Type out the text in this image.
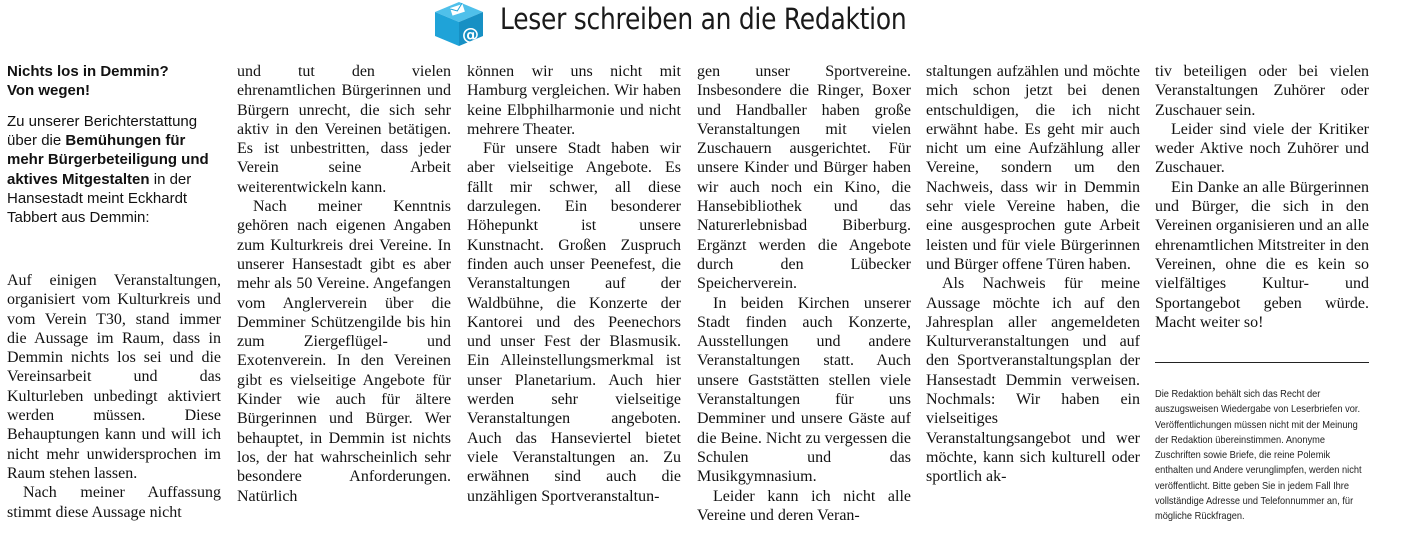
@ Leser schreiben an die Redaktion

Nichts los in Demmin?

Von wegen!

Zu unserer Berichterstattung über die Bemühungen für mehr Bürgerbeteiligung und aktives Mitgestalten in der Hansestadt meint Eckhardt Tabbert aus Demmin:

Auf einigen Veranstaltungen, organisiert vom Kulturkreis und vom Verein T30, stand immer die Aussage im Raum, dass in Demmin nichts los sei und die Vereinsarbeit und das Kulturleben unbedingt aktiviert werden müssen. Diese Behauptungen kann und will ich nicht mehr unwidersprochen im Raum stehen lassen.

Nach meiner Auffassung stimmt diese Aussage nicht

und tut den vielen ehrenamtlichen Bürgerinnen und Bürgern unrecht, die sich sehr aktiv in den Vereinen betätigen. Es ist unbestritten, dass jeder Verein seine Arbeit weiterentwickeln kann.

Nach meiner Kenntnis gehören nach eigenen Angaben zum Kulturkreis drei Vereine. In unserer Hansestadt gibt es aber mehr als 50 Vereine. Angefangen vom Anglerverein über die Demminer Schützengilde bis hin zum Ziergeflügel- und Exotenverein. In den Vereinen gibt es vielseitige Angebote für Kinder wie auch für ältere Bürgerinnen und Bürger. Wer behauptet, in Demmin ist nichts los, der hat wahrscheinlich sehr besondere Anforderungen. Natürlich

können wir uns nicht mit Hamburg vergleichen. Wir haben keine Elbphilharmonie und nicht mehrere Theater.

Für unsere Stadt haben wir aber vielseitige Angebote. Es fällt mir schwer, all diese darzulegen. Ein besonderer Höhepunkt ist unsere Kunstnacht. Großen Zuspruch finden auch unser Peenefest, die Veranstaltungen auf der Waldbühne, die Konzerte der Kantorei und des Peenechors und unser Fest der Blasmusik. Ein Alleinstellungsmerkmal ist unser Planetarium. Auch hier werden sehr vielseitige Veranstaltungen angeboten. Auch das Hanseviertel bietet viele Veranstaltungen an. Zu erwähnen sind auch die unzähligen Sportveranstaltun-

gen unser Sportvereine. Insbesondere die Ringer, Boxer und Handballer haben große Veranstaltungen mit vielen Zuschauern ausgerichtet. Für unsere Kinder und Bürger haben wir auch noch ein Kino, die Hansebibliothek und das Naturerlebnisbad Biberburg. Ergänzt werden die Angebote durch den Lübecker Speicherverein.

In beiden Kirchen unserer Stadt finden auch Konzerte, Ausstellungen und andere Veranstaltungen statt. Auch unsere Gaststätten stellen viele Veranstaltungen für uns Demminer und unsere Gäste auf die Beine. Nicht zu vergessen die Schulen und das Musikgymnasium.

Leider kann ich nicht alle Vereine und deren Veran-

staltungen aufzählen und möchte mich schon jetzt bei denen entschuldigen, die ich nicht erwähnt habe. Es geht mir auch nicht um eine Aufzählung aller Vereine, sondern um den Nachweis, dass wir in Demmin sehr viele Vereine haben, die eine ausgesprochen gute Arbeit leisten und für viele Bürgerinnen und Bürger offene Türen haben.

Als Nachweis für meine Aussage möchte ich auf den Jahresplan aller angemeldeten Kulturveranstaltungen und auf den Sportveranstaltungsplan der Hansestadt Demmin verweisen. Nochmals: Wir haben ein vielseitiges Veranstaltungsangebot und wer möchte, kann sich kulturell oder sportlich ak-

tiv beteiligen oder bei vielen Veranstaltungen Zuhörer oder Zuschauer sein.

Leider sind viele der Kritiker weder Aktive noch Zuhörer und Zuschauer.

Ein Danke an alle Bürgerinnen und Bürger, die sich in den Vereinen organisieren und an alle ehrenamtlichen Mitstreiter in den Vereinen, ohne die es kein so vielfältiges Kultur- und Sportangebot geben würde. Macht weiter so!

Die Redaktion behält sich das Recht der auszugsweisen Wiedergabe von Leserbriefen vor. Veröffentlichungen müssen nicht mit der Meinung der Redaktion übereinstimmen. Anonyme Zuschriften sowie Briefe, die reine Polemik enthalten und Andere verunglimpfen, werden nicht veröffentlicht. Bitte geben Sie in jedem Fall Ihre vollständige Adresse und Telefonnummer an, für mögliche Rückfragen.
